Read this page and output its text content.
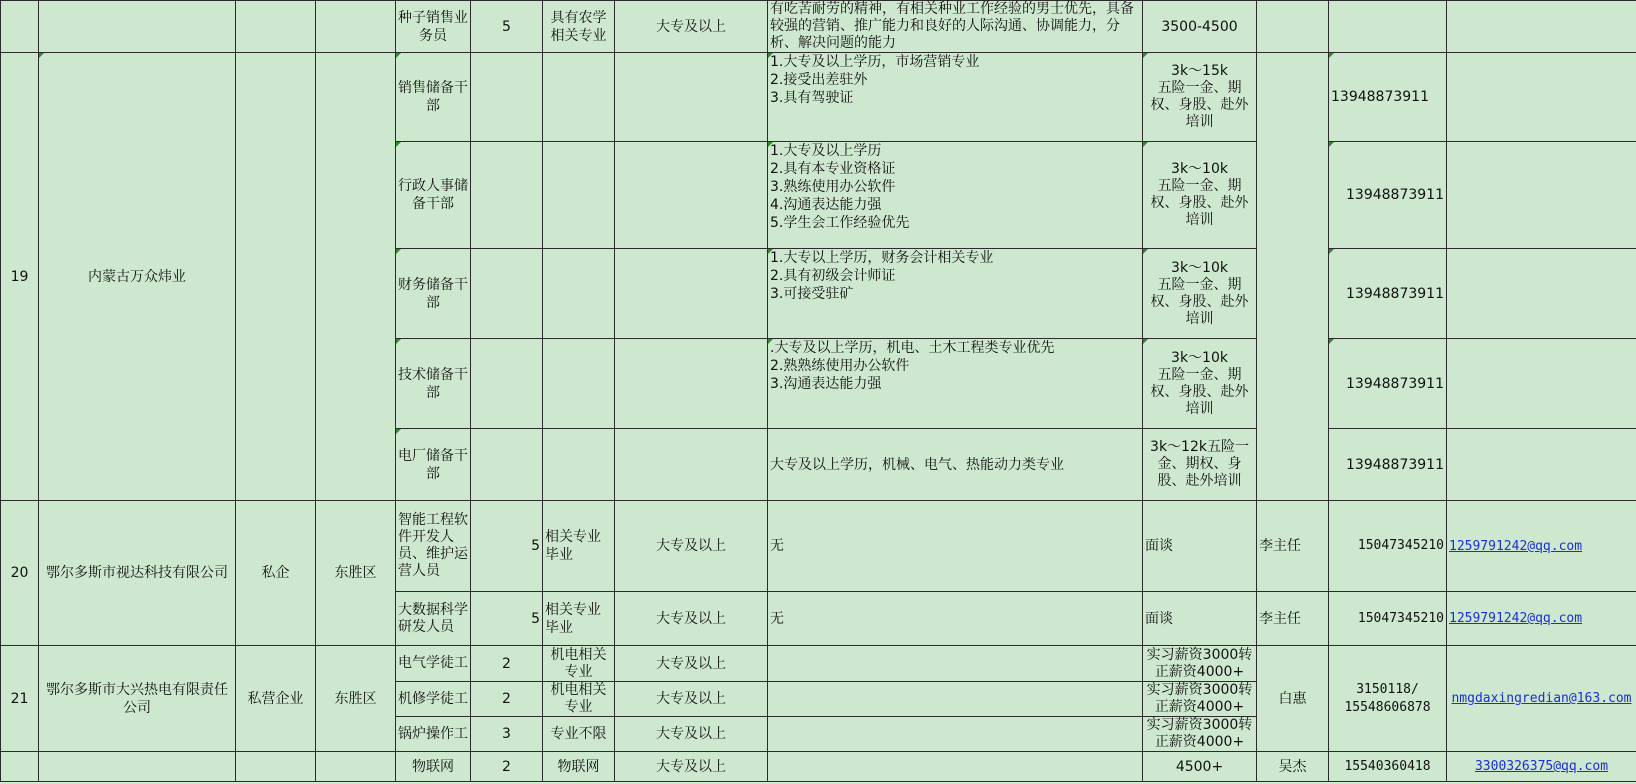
				种子销售业务员	5	具有农学相关专业	大专及以上	有吃苦耐劳的精神，有相关种业工作经验的男士优先，具备较强的营销、推广能力和良好的人际沟通、协调能力，分析、解决问题的能力	3500-4500			
19	内蒙古万众炜业			销售储备干部				1.大专及以上学历，市场营销专业
2.接受出差驻外
3.具有驾驶证	3k～15k
五险一金、期权、身股、赴外培训		13948873911	
				行政人事储备干部				1.大专及以上学历
2.具有本专业资格证
3.熟练使用办公软件
4.沟通表达能力强
5.学生会工作经验优先	3k～10k
五险一金、期权、身股、赴外培训		13948873911	
				财务储备干部				1.大专以上学历，财务会计相关专业
2.具有初级会计师证
3.可接受驻矿	3k～10k
五险一金、期权、身股、赴外培训		13948873911	
				技术储备干部				.大专及以上学历，机电、土木工程类专业优先
2.熟熟练使用办公软件
3.沟通表达能力强	3k～10k
五险一金、期权、身股、赴外培训		13948873911	
				电厂储备干部				大专及以上学历，机械、电气、热能动力类专业	3k～12k五险一金、期权、身股、赴外培训		13948873911	
20	鄂尔多斯市视达科技有限公司	私企	东胜区	智能工程软件开发人员、维护运营人员	5	相关专业毕业	大专及以上	无	面谈	李主任	15047345210	1259791242@qq.com
				大数据科学研发人员	5	相关专业毕业	大专及以上	无	面谈	李主任	15047345210	1259791242@qq.com
21	鄂尔多斯市大兴热电有限责任公司	私营企业	东胜区	电气学徒工	2	机电相关专业	大专及以上		实习薪资3000转正薪资4000+	白惠	3150118/
15548606878	nmgdaxingredian@163.com
				机修学徒工	2	机电相关专业	大专及以上		实习薪资3000转正薪资4000+			
				锅炉操作工	3	专业不限	大专及以上		实习薪资3000转正薪资4000+			
				物联网	2	物联网	大专及以上		4500+	吴杰	15540360418	3300326375@qq.com
